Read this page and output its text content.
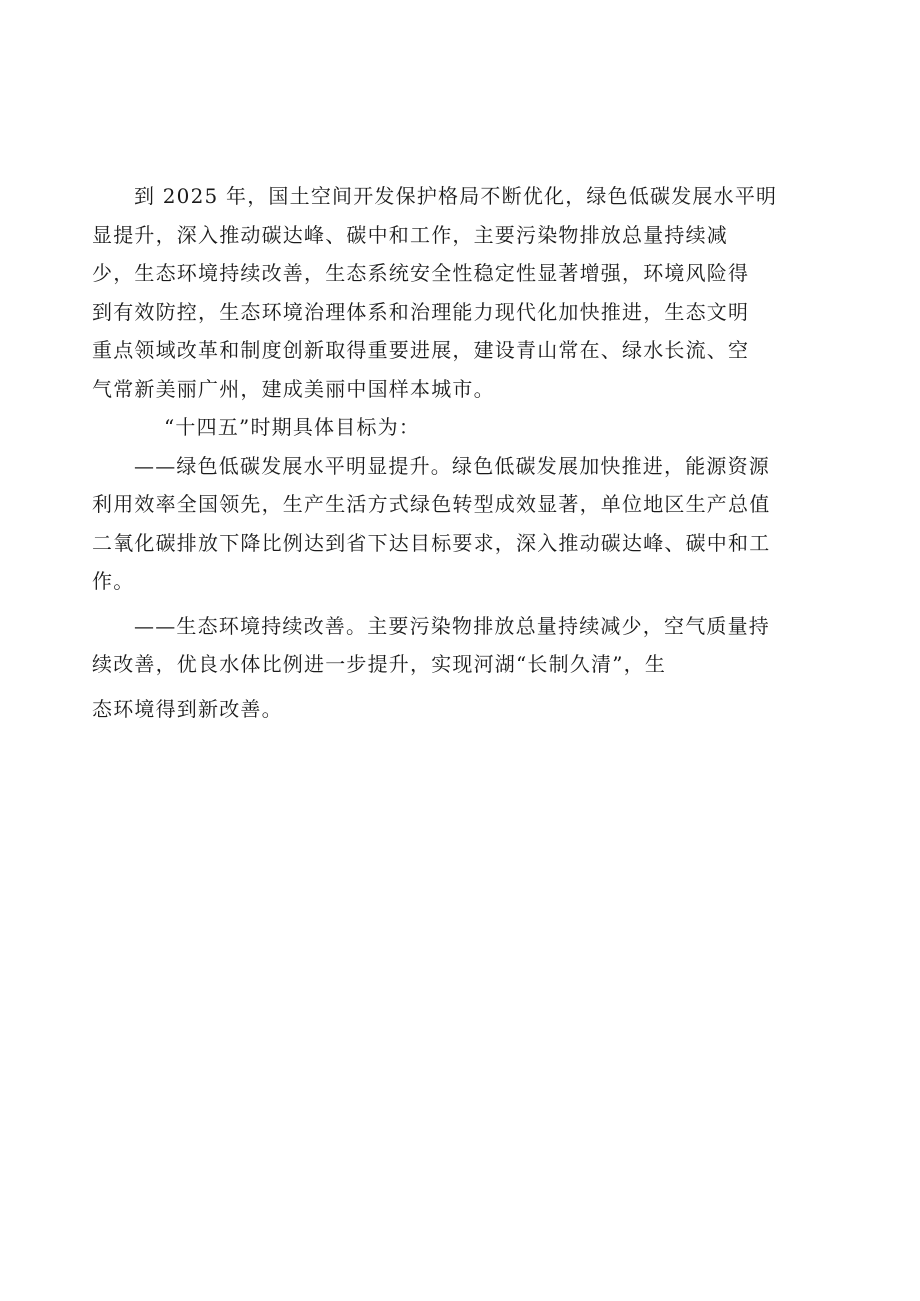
到 2025 年，国土空间开发保护格局不断优化，绿色低碳发展水平明
显提升，深入推动碳达峰、碳中和工作，主要污染物排放总量持续减
少，生态环境持续改善，生态系统安全性稳定性显著增强，环境风险得
到有效防控，生态环境治理体系和治理能力现代化加快推进，生态文明
重点领域改革和制度创新取得重要进展，建设青山常在、绿水长流、空
气常新美丽广州，建成美丽中国样本城市。
“十四五”时期具体目标为：
——绿色低碳发展水平明显提升。绿色低碳发展加快推进，能源资源
利用效率全国领先，生产生活方式绿色转型成效显著，单位地区生产总值
二氧化碳排放下降比例达到省下达目标要求，深入推动碳达峰、碳中和工
作。
——生态环境持续改善。主要污染物排放总量持续减少，空气质量持
续改善，优良水体比例进一步提升，实现河湖“长制久清”，生
态环境得到新改善。
